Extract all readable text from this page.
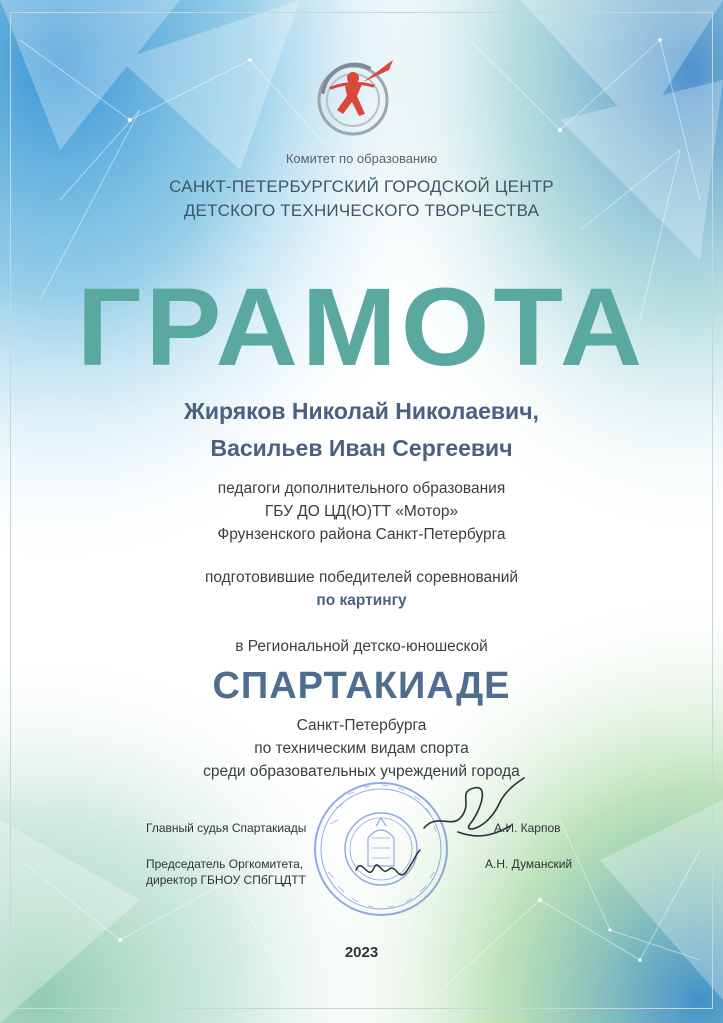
Комитет по образованию
САНКТ-ПЕТЕРБУРГСКИЙ ГОРОДСКОЙ ЦЕНТР
ДЕТСКОГО ТЕХНИЧЕСКОГО ТВОРЧЕСТВА
ГРАМОТА
Жиряков Николай Николаевич,
Васильев Иван Сергеевич
педагоги дополнительного образования
ГБУ ДО ЦД(Ю)ТТ «Мотор»
Фрунзенского района Санкт-Петербурга
подготовившие победителей соревнований
по картингу
в Региональной детско-юношеской
СПАРТАКИАДЕ
Санкт-Петербурга
по техническим видам спорта
среди образовательных учреждений города
Главный судья Спартакиады	А.И. Карпов
Председатель Оргкомитета,
директор ГБНОУ СПбГЦДТТ
А.Н. Думанский
2023
